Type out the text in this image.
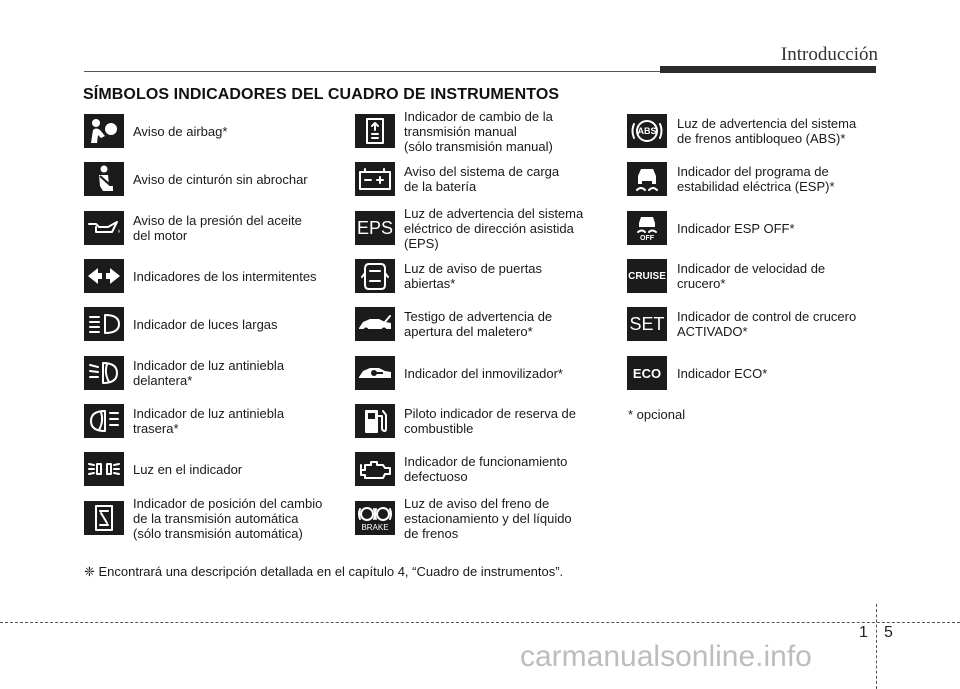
Introducción
SÍMBOLOS INDICADORES DEL CUADRO DE INSTRUMENTOS
Aviso de airbag*
Aviso de cinturón sin abrochar
Aviso de la presión del aceite
del motor
Indicadores de los intermitentes
Indicador de luces largas
Indicador de luz antiniebla
delantera*
Indicador de luz antiniebla
trasera*
Luz en el indicador
Indicador de posición del cambio
de la transmisión automática
(sólo transmisión automática)
Indicador de cambio de la
transmisión manual
(sólo transmisión manual)
Aviso del sistema de carga
de la batería
EPS
Luz de advertencia del sistema
eléctrico de dirección asistida
(EPS)
Luz de aviso de puertas
abiertas*
Testigo de advertencia de
apertura del maletero*
Indicador del inmovilizador*
Piloto indicador de reserva de
combustible
Indicador de funcionamiento
defectuoso
BRAKE
Luz de aviso del freno de
estacionamiento y del líquido
de frenos
ABS Luz de advertencia del sistema
de frenos antibloqueo (ABS)*
Indicador del programa de
estabilidad eléctrica (ESP)*
OFF
Indicador ESP OFF*
CRUISE Indicador de velocidad de
crucero*
SET Indicador de control de crucero
ACTIVADO*
ECO Indicador ECO*
* opcional
❈ Encontrará una descripción detallada en el capítulo 4, “Cuadro de instrumentos”.
1 5
carmanualsonline.info
